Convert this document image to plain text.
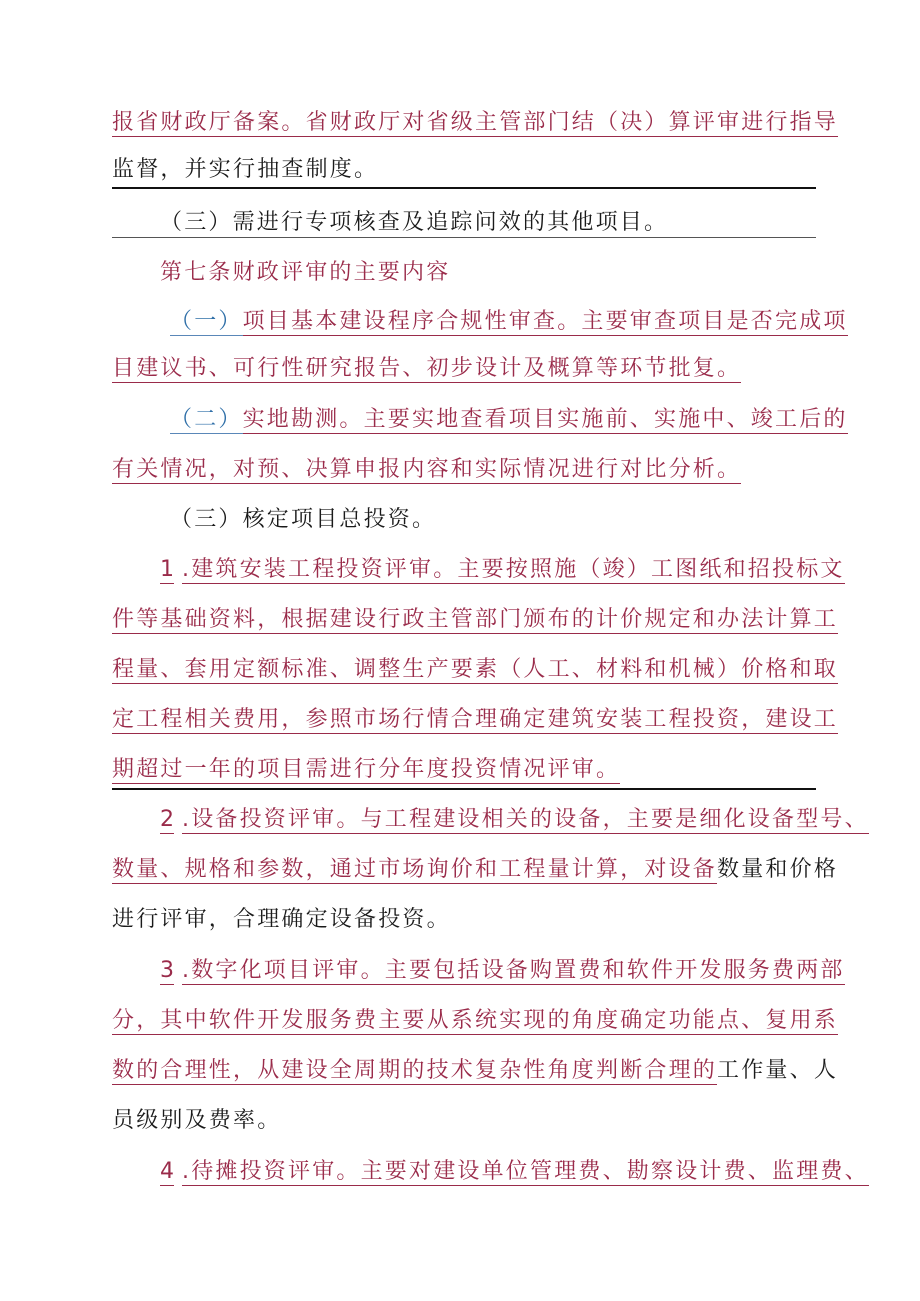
报省财政厅备案。省财政厅对省级主管部门结（决）算评审进行指导
监督，并实行抽查制度。
（三）需进行专项核查及追踪问效的其他项目。
第七条财政评审的主要内容
（一）项目基本建设程序合规性审查。主要审查项目是否完成项
目建议书、可行性研究报告、初步设计及概算等环节批复。
（二）实地勘测。主要实地查看项目实施前、实施中、竣工后的
有关情况，对预、决算申报内容和实际情况进行对比分析。
（三）核定项目总投资。
1 .建筑安装工程投资评审。主要按照施（竣）工图纸和招投标文
件等基础资料，根据建设行政主管部门颁布的计价规定和办法计算工
程量、套用定额标准、调整生产要素（人工、材料和机械）价格和取
定工程相关费用，参照市场行情合理确定建筑安装工程投资，建设工
期超过一年的项目需进行分年度投资情况评审。
2 .设备投资评审。与工程建设相关的设备，主要是细化设备型号、
数量、规格和参数，通过市场询价和工程量计算，对设备数量和价格
进行评审，合理确定设备投资。
3 .数字化项目评审。主要包括设备购置费和软件开发服务费两部
分，其中软件开发服务费主要从系统实现的角度确定功能点、复用系
数的合理性，从建设全周期的技术复杂性角度判断合理的工作量、人
员级别及费率。
4 .待摊投资评审。主要对建设单位管理费、勘察设计费、监理费、
